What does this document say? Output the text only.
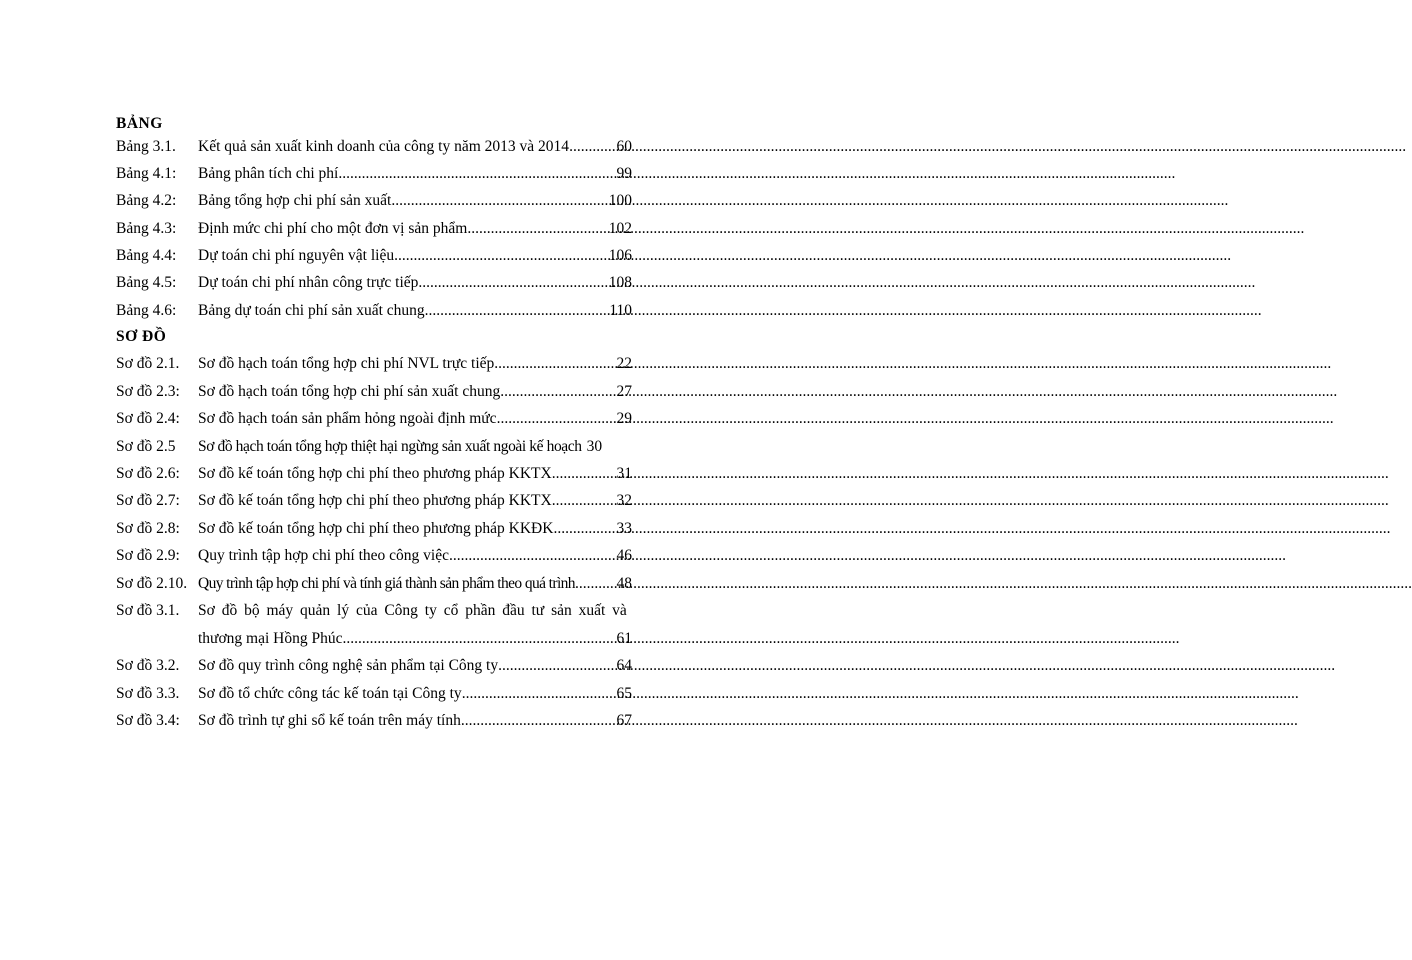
BẢNG
Bảng 3.1.	Kết quả sản xuất kinh doanh của công ty năm 2013 và 2014 .....	60
Bảng 4.1:	Bảng phân tích chi phí .....	99
Bảng 4.2:	Bảng tổng hợp chi phí sản xuất .....	100
Bảng 4.3:	Định mức chi phí cho một đơn vị sản phẩm .....	102
Bảng 4.4:	Dự toán chi phí nguyên vật liệu .....	106
Bảng 4.5:	Dự toán chi phí nhân công trực tiếp .....	108
Bảng 4.6:	Bảng dự toán chi phí sản xuất chung .....	110
SƠ ĐỒ
Sơ đồ 2.1.	Sơ đồ hạch toán tổng hợp chi phí NVL trực tiếp .....	22
Sơ đồ 2.3:	Sơ đồ hạch toán tổng hợp chi phí sản xuất chung .....	27
Sơ đồ 2.4:	Sơ đồ hạch toán sản phẩm hỏng ngoài định mức .....	29
Sơ đồ 2.5	Sơ đồ hạch toán tổng hợp thiệt hại ngừng sản xuất ngoài kế hoạch 30
Sơ đồ 2.6:	Sơ đồ kế toán tổng hợp chi phí theo phương pháp KKTX .....	31
Sơ đồ 2.7:	Sơ đồ kế toán tổng hợp chi phí theo phương pháp KKTX .....	32
Sơ đồ 2.8:	Sơ đồ kế toán tổng hợp chi phí theo phương pháp KKĐK .....	33
Sơ đồ 2.9:	Quy trình tập hợp chi phí theo công việc .....	46
Sơ đồ 2.10. Quy trình tập hợp chi phí và tính giá thành sản phẩm theo quá trình .....	48
Sơ đồ 3.1.	Sơ đồ bộ máy quản lý của Công ty cổ phần đầu tư sản xuất và
thương mại Hồng Phúc .....	61
Sơ đồ 3.2.	Sơ đồ quy trình công nghệ sản phẩm tại Công ty .....	64
Sơ đồ 3.3.	Sơ đồ tổ chức công tác kế toán tại Công ty .....	65
Sơ đồ 3.4:	Sơ đồ trình tự ghi sổ kế toán trên máy tính .....	67
